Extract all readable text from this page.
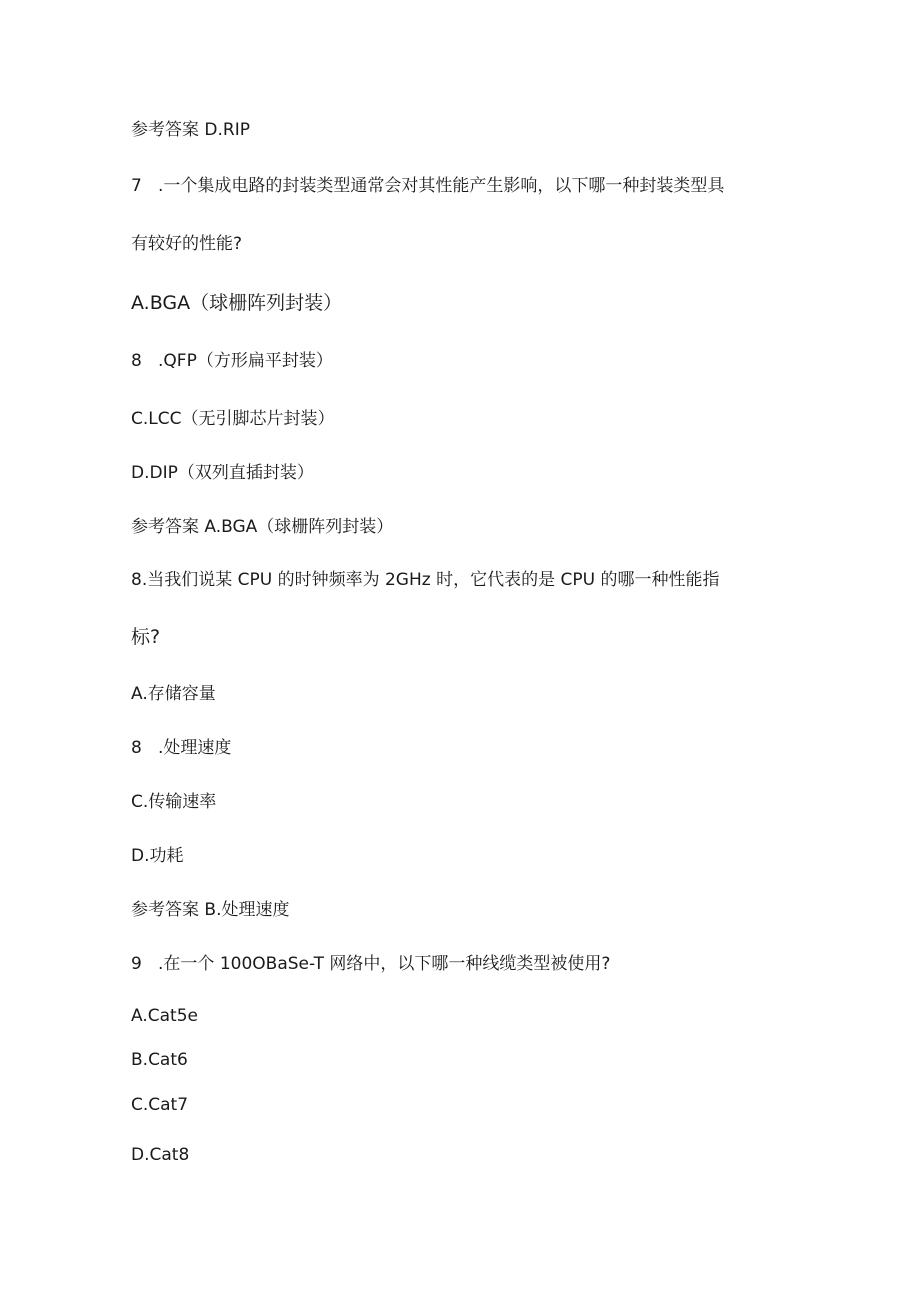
参考答案 D.RIP
7   .一个集成电路的封装类型通常会对其性能产生影响，以下哪一种封装类型具
有较好的性能?
A.BGA（球栅阵列封装）
8   .QFP（方形扁平封装）
C.LCC（无引脚芯片封装）
D.DIP（双列直插封装）
参考答案 A.BGA（球栅阵列封装）
8.当我们说某 CPU 的时钟频率为 2GHz 时，它代表的是 CPU 的哪一种性能指
标?
A.存储容量
8   .处理速度
C.传输速率
D.功耗
参考答案 B.处理速度
9   .在一个 100OBaSe-T 网络中，以下哪一种线缆类型被使用?
A.Cat5e
B.Cat6
C.Cat7
D.Cat8
